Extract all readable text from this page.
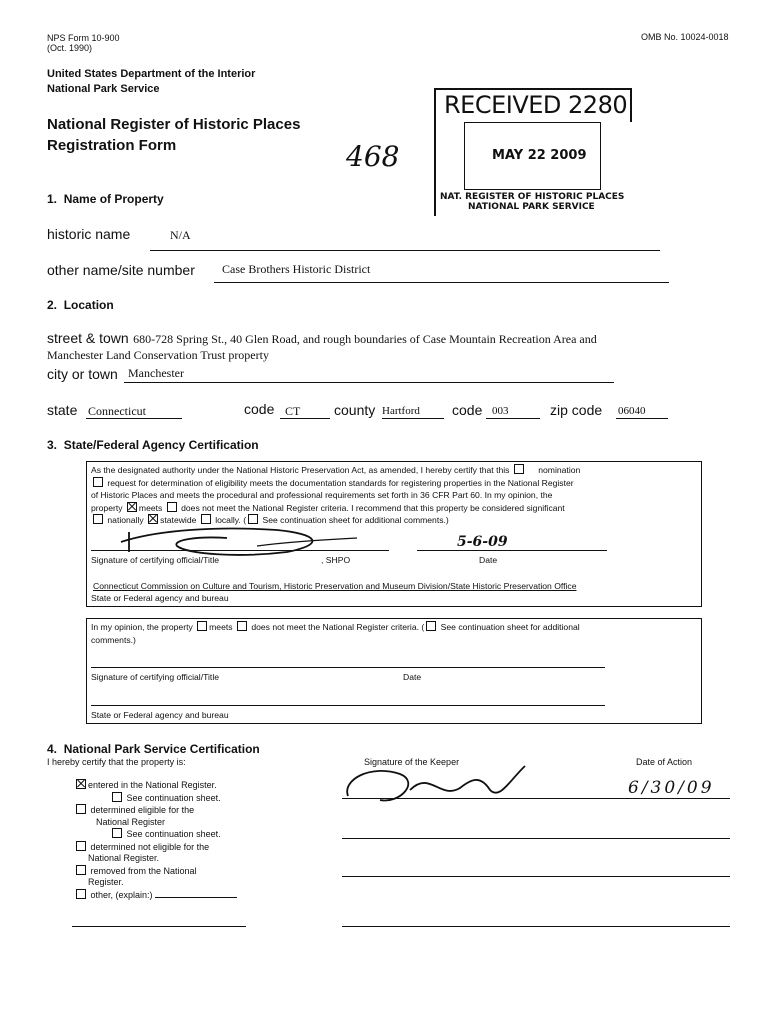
NPS Form 10-900
(Oct. 1990)
OMB No. 10024-0018
United States Department of the Interior
National Park Service
National Register of Historic Places
Registration Form
RECEIVED 2280
MAY 22 2009
NAT. REGISTER OF HISTORIC PLACES
NATIONAL PARK SERVICE
468
1. Name of Property
historic name	N/A
other name/site number Case Brothers Historic District
2. Location
street & town 680-728 Spring St., 40 Glen Road, and rough boundaries of Case Mountain Recreation Area and
Manchester Land Conservation Trust property
city or town Manchester
state Connecticut	code CT county Hartford code 003	zip code 06040
3. State/Federal Agency Certification
As the designated authority under the National Historic Preservation Act, as amended, I hereby certify that this	nomination
request for determination of eligibility meets the documentation standards for registering properties in the National Register
of Historic Places and meets the procedural and professional requirements set forth in 36 CFR Part 60. In my opinion, the
property meets does not meet the National Register criteria. I recommend that this property be considered significant
nationally statewide locally. ( See continuation sheet for additional comments.)
5-6-09
Signature of certifying official/Title	, SHPO	Date
Connecticut Commission on Culture and Tourism, Historic Preservation and Museum Division/State Historic Preservation Office
State or Federal agency and bureau
In my opinion, the property meets does not meet the National Register criteria. ( See continuation sheet for additional
comments.)
Signature of certifying official/Title	Date
State or Federal agency and bureau
4. National Park Service Certification
I hereby certify that the property is:
entered in the National Register.
See continuation sheet.
determined eligible for the
National Register
See continuation sheet.
determined not eligible for the
National Register.
removed from the National
Register.
other, (explain:)
Signature of the Keeper	Date of Action
6/30/09
